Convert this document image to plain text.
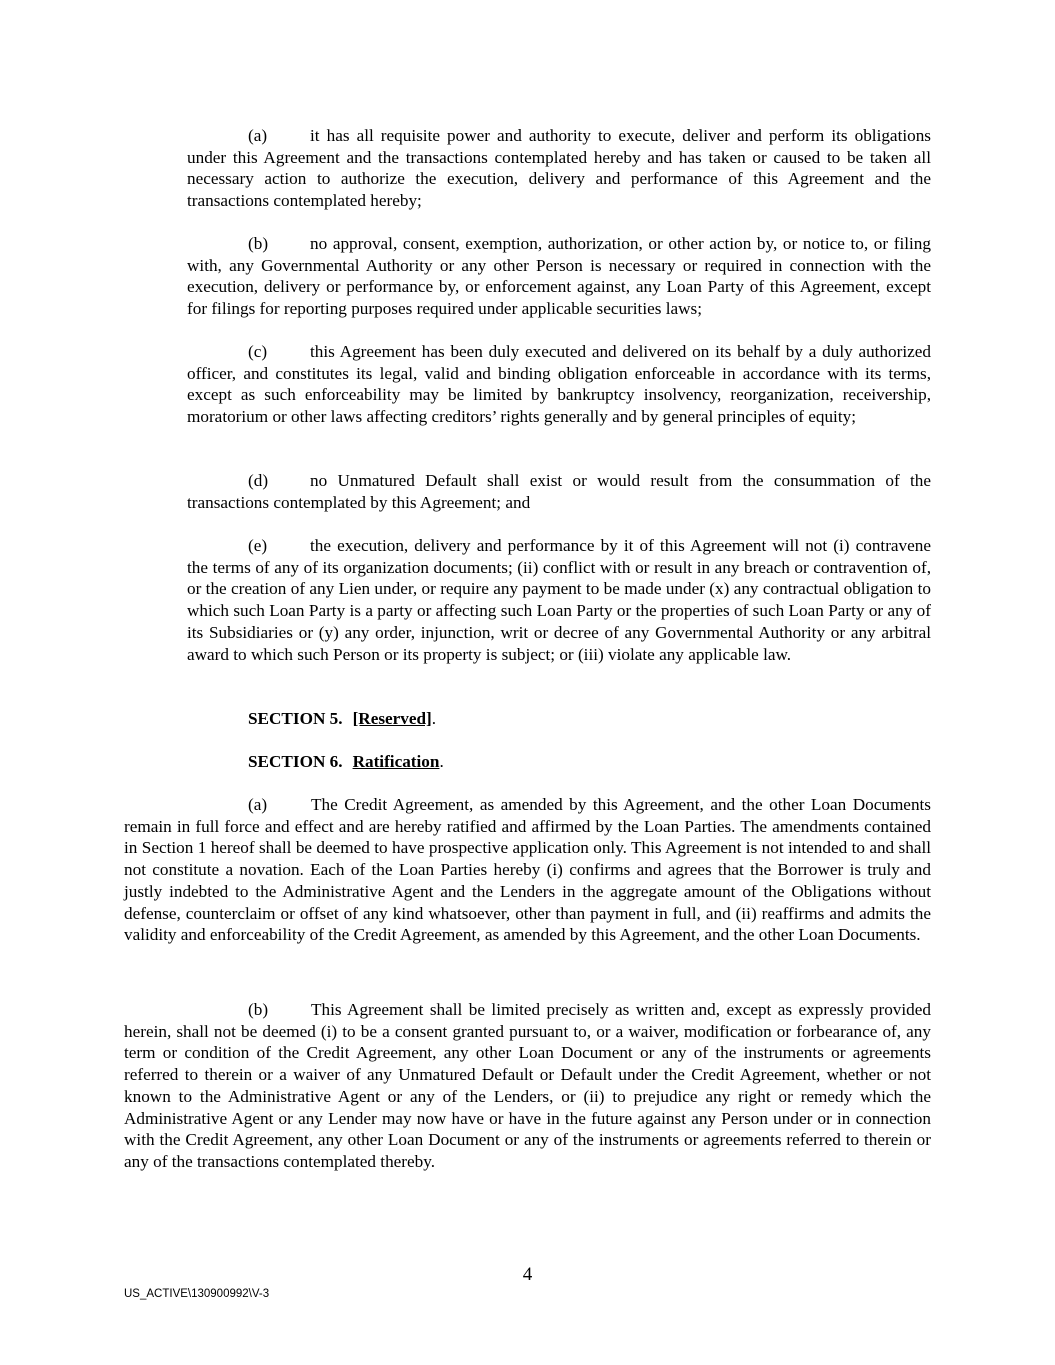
(a) it has all requisite power and authority to execute, deliver and perform its obligations under this Agreement and the transactions contemplated hereby and has taken or caused to be taken all necessary action to authorize the execution, delivery and performance of this Agreement and the transactions contemplated hereby;
(b) no approval, consent, exemption, authorization, or other action by, or notice to, or filing with, any Governmental Authority or any other Person is necessary or required in connection with the execution, delivery or performance by, or enforcement against, any Loan Party of this Agreement, except for filings for reporting purposes required under applicable securities laws;
(c) this Agreement has been duly executed and delivered on its behalf by a duly authorized officer, and constitutes its legal, valid and binding obligation enforceable in accordance with its terms, except as such enforceability may be limited by bankruptcy insolvency, reorganization, receivership, moratorium or other laws affecting creditors’ rights generally and by general principles of equity;
(d) no Unmatured Default shall exist or would result from the consummation of the transactions contemplated by this Agreement; and
(e) the execution, delivery and performance by it of this Agreement will not (i) contravene the terms of any of its organization documents; (ii) conflict with or result in any breach or contravention of, or the creation of any Lien under, or require any payment to be made under (x) any contractual obligation to which such Loan Party is a party or affecting such Loan Party or the properties of such Loan Party or any of its Subsidiaries or (y) any order, injunction, writ or decree of any Governmental Authority or any arbitral award to which such Person or its property is subject; or (iii) violate any applicable law.
SECTION 5. [Reserved].
SECTION 6. Ratification.
(a)	The Credit Agreement, as amended by this Agreement, and the other Loan Documents remain in full force and effect and are hereby ratified and affirmed by the Loan Parties. The amendments contained in Section 1 hereof shall be deemed to have prospective application only. This Agreement is not intended to and shall not constitute a novation. Each of the Loan Parties hereby (i) confirms and agrees that the Borrower is truly and justly indebted to the Administrative Agent and the Lenders in the aggregate amount of the Obligations without defense, counterclaim or offset of any kind whatsoever, other than payment in full, and (ii) reaffirms and admits the validity and enforceability of the Credit Agreement, as amended by this Agreement, and the other Loan Documents.
(b) This Agreement shall be limited precisely as written and, except as expressly provided herein, shall not be deemed (i) to be a consent granted pursuant to, or a waiver, modification or forbearance of, any term or condition of the Credit Agreement, any other Loan Document or any of the instruments or agreements referred to therein or a waiver of any Unmatured Default or Default under the Credit Agreement, whether or not known to the Administrative Agent or any of the Lenders, or (ii) to prejudice any right or remedy which the Administrative Agent or any Lender may now have or have in the future against any Person under or in connection with the Credit Agreement, any other Loan Document or any of the instruments or agreements referred to therein or any of the transactions contemplated thereby.
4
US_ACTIVE\130900992\V-3
